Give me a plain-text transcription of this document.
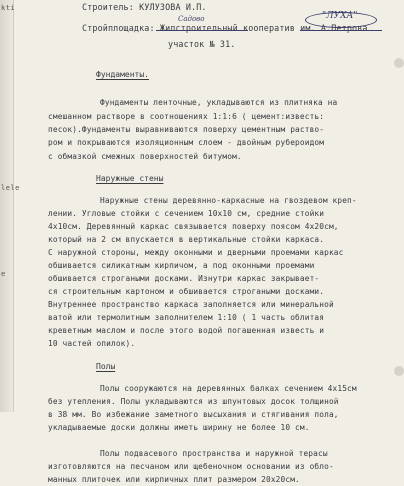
kti
lele
e
Строитель: КУЛУЗОВА И.П.
Садово
Стройплощадка: Жилстроительный кооператив им. А.Петрова
"ЛУХА"
участок № 31.
Фундаменты.
Фундаменты ленточные, укладываются из плитняка на
смешанном растворе в соотношениях 1:1:6 ( цемент:известь:
песок).Фундаменты выравниваются поверху цементным раство-
ром и покрываются изоляционным слоем - двойным рубероидом
с обмазкой смежных поверхностей битумом.
Наружные стены
Наружные стены деревянно-каркасные на гвоздевом креп-
лении. Угловые стойки с сечением 10х10 см, средние стойки
4х10см. Деревянный каркас связывается поверху поясом 4х20см,
который на 2 см впускается в вертикальные стойки каркаса.
С наружной стороны, между оконными и дверными проемами каркас
обшивается силикатным кирпичом, а под оконными проемами
обшивается строгаными досками. Изнутри каркас закрывает-
ся строительным картоном и обшивается строгаными досками.
Внутреннее пространство каркаса заполняется или минеральной
ватой или термолитным заполнителем 1:10 ( 1 часть облитая
креветным маслом и после этого водой погашенная известь и
10 частей опилок).
Полы
Полы сооружаются на деревянных балках сечением 4х15см
без утепления. Полы укладываются из шпунтовых досок толщиной
в 38 мм. Во избежание заметного высыхания и стягивания пола,
укладываемые доски должны иметь ширину не более 10 см.
Полы подвасевого пространства и наружной терасы
изготовляются на песчаном или щебеночном основании из обло-
манных плиточек или кирпичных плит размером 20х20см.
